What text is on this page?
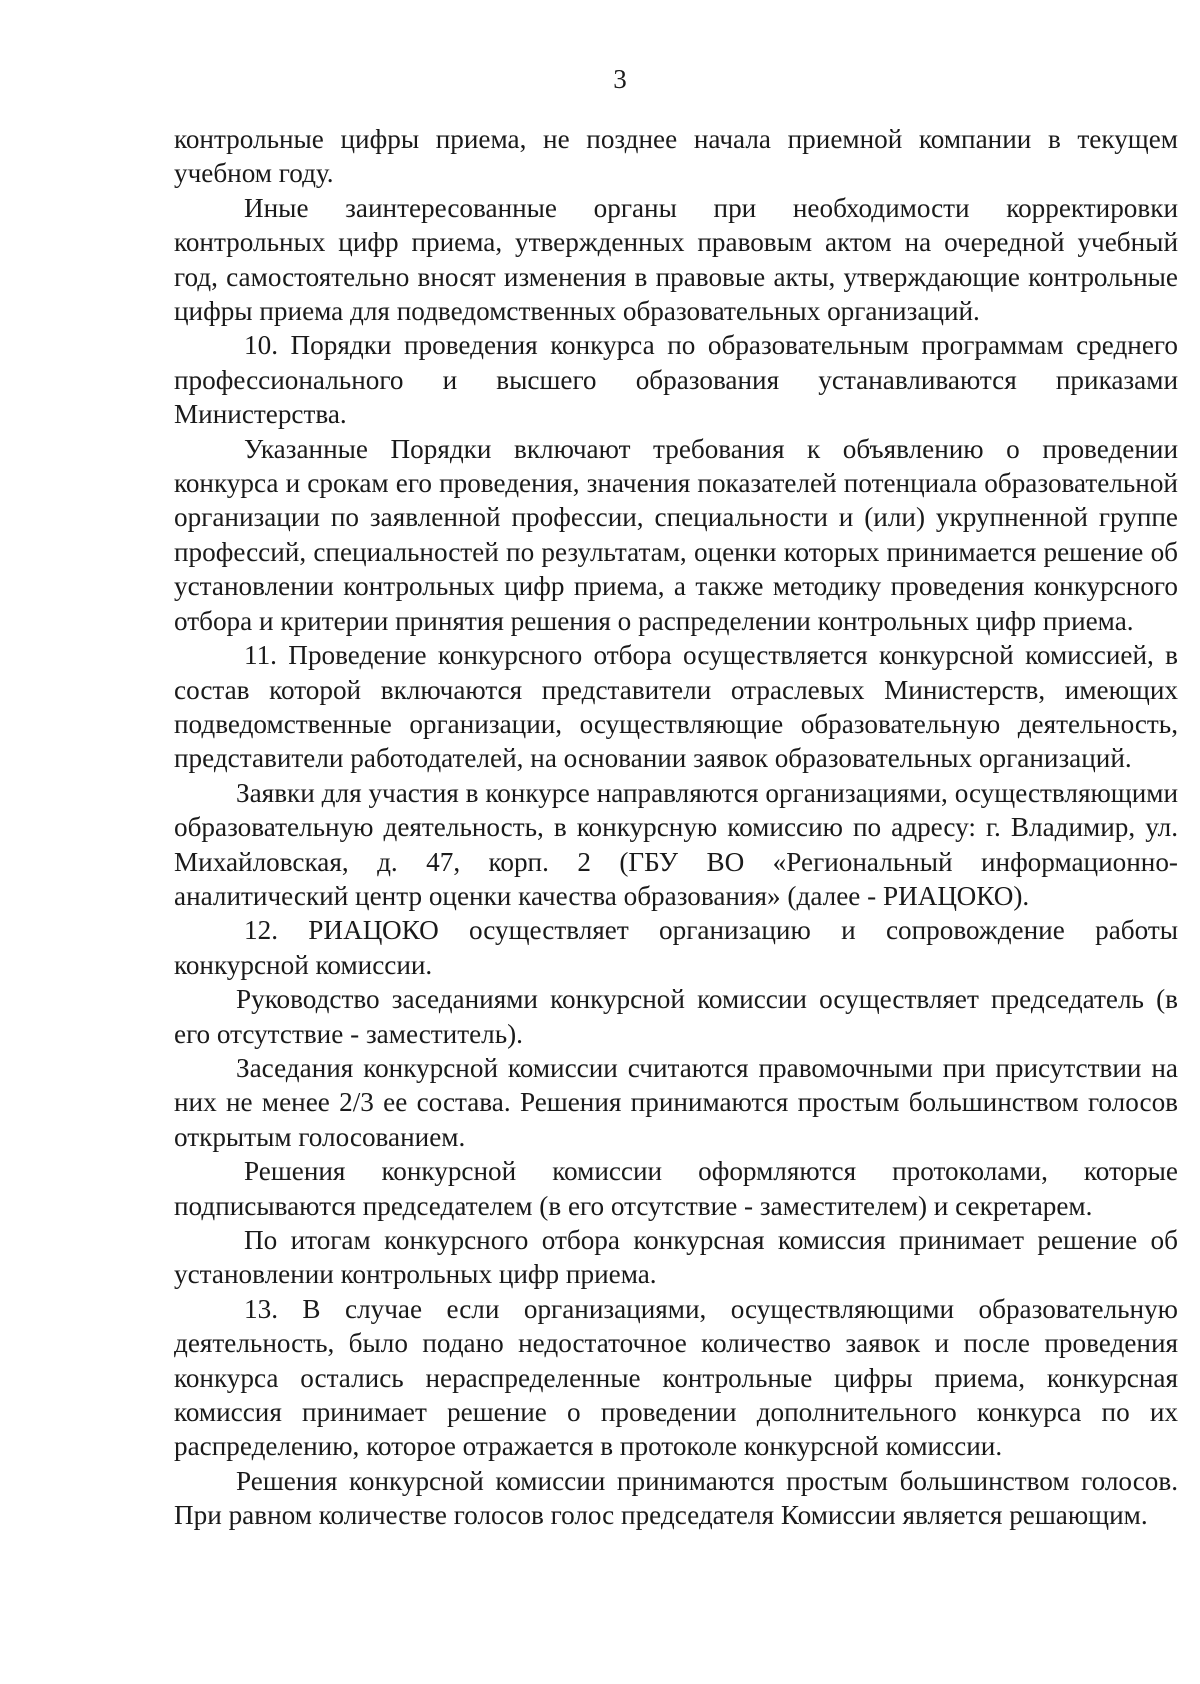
3

контрольные цифры приема, не позднее начала приемной компании в текущем учебном году.

Иные заинтересованные органы при необходимости корректировки контрольных цифр приема, утвержденных правовым актом на очередной учебный год, самостоятельно вносят изменения в правовые акты, утверждающие контрольные цифры приема для подведомственных образовательных организаций.

10. Порядки проведения конкурса по образовательным программам среднего профессионального и высшего образования устанавливаются приказами Министерства.

Указанные Порядки включают требования к объявлению о проведении конкурса и срокам его проведения, значения показателей потенциала образовательной организации по заявленной профессии, специальности и (или) укрупненной группе профессий, специальностей по результатам, оценки которых принимается решение об установлении контрольных цифр приема, а также методику проведения конкурсного отбора и критерии принятия решения о распределении контрольных цифр приема.

11. Проведение конкурсного отбора осуществляется конкурсной комиссией, в состав которой включаются представители отраслевых Министерств, имеющих подведомственные организации, осуществляющие образовательную деятельность, представители работодателей, на основании заявок образовательных организаций.

Заявки для участия в конкурсе направляются организациями, осуществляющими образовательную деятельность, в конкурсную комиссию по адресу: г. Владимир, ул. Михайловская, д. 47, корп. 2 (ГБУ ВО «Региональный информационно-аналитический центр оценки качества образования» (далее - РИАЦОКО).

12. РИАЦОКО осуществляет организацию и сопровождение работы конкурсной комиссии.

Руководство заседаниями конкурсной комиссии осуществляет председатель (в его отсутствие - заместитель).

Заседания конкурсной комиссии считаются правомочными при присутствии на них не менее 2/3 ее состава. Решения принимаются простым большинством голосов открытым голосованием.

Решения конкурсной комиссии оформляются протоколами, которые подписываются председателем (в его отсутствие - заместителем) и секретарем.

По итогам конкурсного отбора конкурсная комиссия принимает решение об установлении контрольных цифр приема.

13. В случае если организациями, осуществляющими образовательную деятельность, было подано недостаточное количество заявок и после проведения конкурса остались нераспределенные контрольные цифры приема, конкурсная комиссия принимает решение о проведении дополнительного конкурса по их распределению, которое отражается в протоколе конкурсной комиссии.

Решения конкурсной комиссии принимаются простым большинством голосов. При равном количестве голосов голос председателя Комиссии является решающим.
